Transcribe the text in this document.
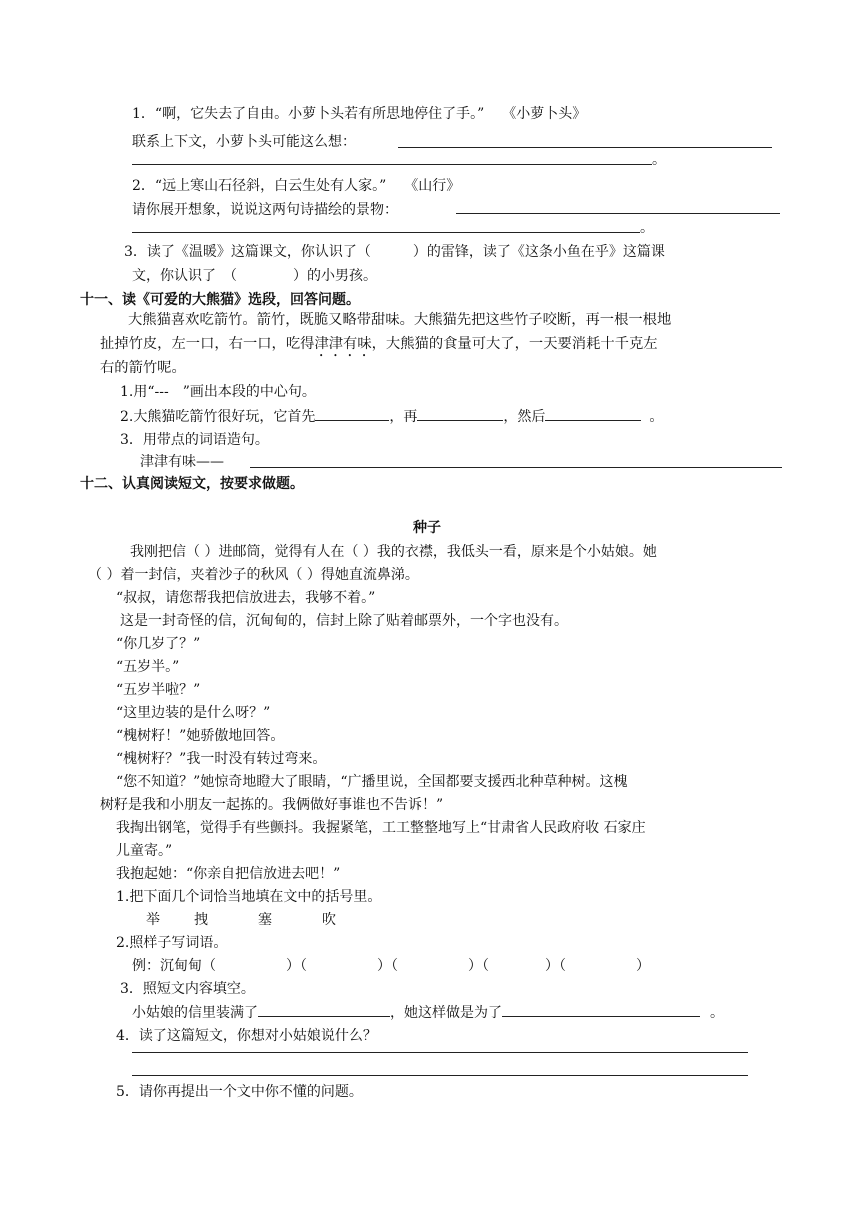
1．“啊，它失去了自由。小萝卜头若有所思地停住了手。” 《小萝卜头》
联系上下文，小萝卜头可能这么想：
。
2．“远上寒山石径斜，白云生处有人家。” 《山行》
请你展开想象，说说这两句诗描绘的景物：
。
3．读了《温暖》这篇课文，你认识了（　　　）的雷锋，读了《这条小鱼在乎》这篇课
文，你认识了　（　　　　）的小男孩。
十一、读《可爱的大熊猫》选段，回答问题。
大熊猫喜欢吃箭竹。箭竹，既脆又略带甜味。大熊猫先把这些竹子咬断，再一根一根地
扯掉竹皮，左一口，右一口，吃得津津有味，大熊猫的食量可大了，一天要消耗十千克左
右的箭竹呢。
1.用“---　”画出本段的中心句。
2.大熊猫吃箭竹很好玩，它首先	，再	，然后	。
3．用带点的词语造句。
津津有味——
十二、认真阅读短文，按要求做题。
种子
我刚把信（ ）进邮筒，觉得有人在（ ）我的衣襟，我低头一看，原来是个小姑娘。她
（ ）着一封信，夹着沙子的秋风（ ）得她直流鼻涕。
“叔叔，请您帮我把信放进去，我够不着。”
这是一封奇怪的信，沉甸甸的，信封上除了贴着邮票外，一个字也没有。
“你几岁了？”
“五岁半。”
“五岁半啦？”
“这里边装的是什么呀？”
“槐树籽！”她骄傲地回答。
“槐树籽？”我一时没有转过弯来。
“您不知道？”她惊奇地瞪大了眼睛，“广播里说，全国都要支援西北种草种树。这槐
树籽是我和小朋友一起拣的。我俩做好事谁也不告诉！”
我掏出钢笔，觉得手有些颤抖。我握紧笔，工工整整地写上“甘肃省人民政府收 石家庄
儿童寄。”
我抱起她：“你亲自把信放进去吧！”
1.把下面几个词恰当地填在文中的括号里。
举 拽	塞	吹
2.照样子写词语。
例：沉甸甸（　　　　　）（　　　　　）（　　　　　）（　　　　）（　　　　　）
3．照短文内容填空。
小姑娘的信里装满了	，她这样做是为了	。
4．读了这篇短文，你想对小姑娘说什么？
5．请你再提出一个文中你不懂的问题。
